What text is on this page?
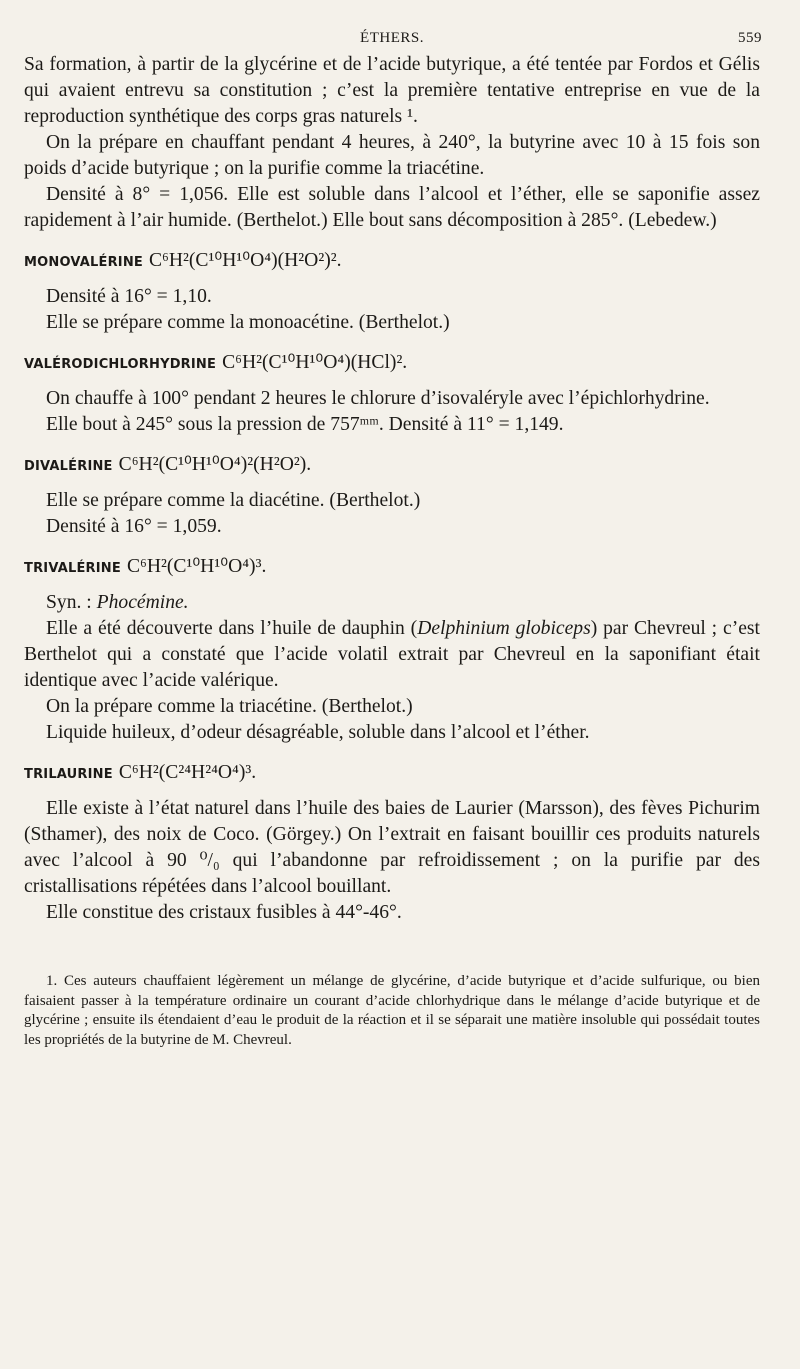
ÉTHERS.	559

Sa formation, à partir de la glycérine et de l’acide butyrique, a été tentée par Fordos et Gélis qui avaient entrevu sa constitution ; c’est la première tentative entreprise en vue de la reproduction synthétique des corps gras naturels ¹.

On la prépare en chauffant pendant 4 heures, à 240°, la butyrine avec 10 à 15 fois son poids d’acide butyrique ; on la purifie comme la triacétine.

Densité à 8° = 1,056. Elle est soluble dans l’alcool et l’éther, elle se saponifie assez rapidement à l’air humide. (Berthelot.) Elle bout sans décomposition à 285°. (Lebedew.)

MONOVALÉRINE C⁶H²(C¹⁰H¹⁰O⁴)(H²O²)².

Densité à 16° = 1,10.

Elle se prépare comme la monoacétine. (Berthelot.)

VALÉRODICHLORHYDRINE C⁶H²(C¹⁰H¹⁰O⁴)(HCl)².

On chauffe à 100° pendant 2 heures le chlorure d’isovaléryle avec l’épichlorhydrine.

Elle bout à 245° sous la pression de 757ᵐᵐ. Densité à 11° = 1,149.

DIVALÉRINE C⁶H²(C¹⁰H¹⁰O⁴)²(H²O²).

Elle se prépare comme la diacétine. (Berthelot.)

Densité à 16° = 1,059.

TRIVALÉRINE C⁶H²(C¹⁰H¹⁰O⁴)³.

Syn. : Phocémine.

Elle a été découverte dans l’huile de dauphin (Delphinium globiceps) par Chevreul ; c’est Berthelot qui a constaté que l’acide volatil extrait par Chevreul en la saponifiant était identique avec l’acide valérique.

On la prépare comme la triacétine. (Berthelot.)

Liquide huileux, d’odeur désagréable, soluble dans l’alcool et l’éther.

TRILAURINE C⁶H²(C²⁴H²⁴O⁴)³.

Elle existe à l’état naturel dans l’huile des baies de Laurier (Marsson), des fèves Pichurim (Sthamer), des noix de Coco. (Görgey.) On l’extrait en faisant bouillir ces produits naturels avec l’alcool à 90 ⁰/₀ qui l’abandonne par refroidissement ; on la purifie par des cristallisations répétées dans l’alcool bouillant.

Elle constitue des cristaux fusibles à 44°-46°.

1. Ces auteurs chauffaient légèrement un mélange de glycérine, d’acide butyrique et d’acide sulfurique, ou bien faisaient passer à la température ordinaire un courant d’acide chlorhydrique dans le mélange d’acide butyrique et de glycérine ; ensuite ils étendaient d’eau le produit de la réaction et il se séparait une matière insoluble qui possédait toutes les propriétés de la butyrine de M. Chevreul.
